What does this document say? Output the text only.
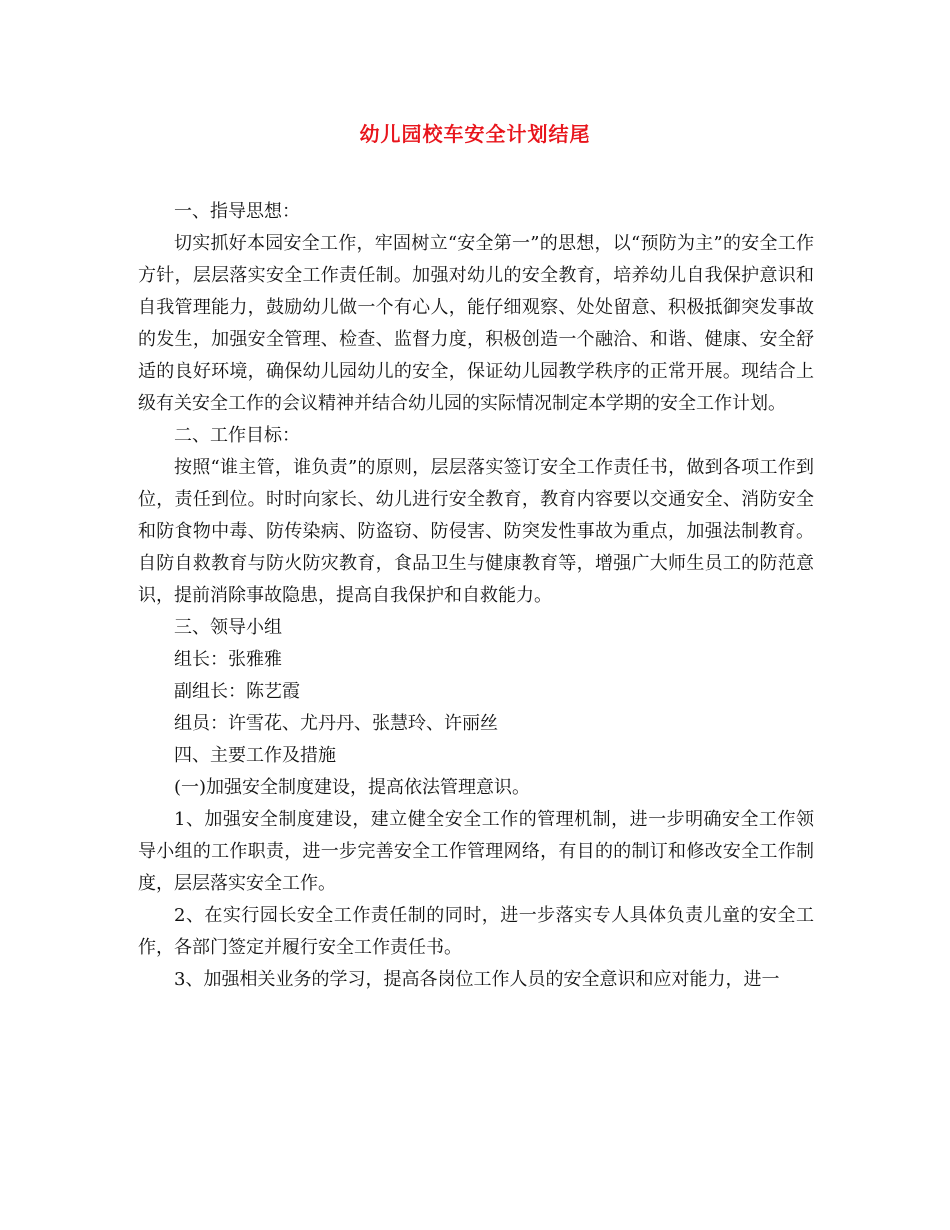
幼儿园校车安全计划结尾

一、指导思想：

切实抓好本园安全工作，牢固树立“安全第一”的思想，以“预防为主”的安全工作方针，层层落实安全工作责任制。加强对幼儿的安全教育，培养幼儿自我保护意识和自我管理能力，鼓励幼儿做一个有心人，能仔细观察、处处留意、积极抵御突发事故的发生，加强安全管理、检查、监督力度，积极创造一个融洽、和谐、健康、安全舒适的良好环境，确保幼儿园幼儿的安全，保证幼儿园教学秩序的正常开展。现结合上级有关安全工作的会议精神并结合幼儿园的实际情况制定本学期的安全工作计划。

二、工作目标：

按照“谁主管，谁负责”的原则，层层落实签订安全工作责任书，做到各项工作到位，责任到位。时时向家长、幼儿进行安全教育，教育内容要以交通安全、消防安全和防食物中毒、防传染病、防盗窃、防侵害、防突发性事故为重点，加强法制教育。自防自救教育与防火防灾教育，食品卫生与健康教育等，增强广大师生员工的防范意识，提前消除事故隐患，提高自我保护和自救能力。

三、领导小组

组长：张雅雅

副组长：陈艺霞

组员：许雪花、尤丹丹、张慧玲、许丽丝

四、主要工作及措施

(一)加强安全制度建设，提高依法管理意识。

1、加强安全制度建设，建立健全安全工作的管理机制，进一步明确安全工作领导小组的工作职责，进一步完善安全工作管理网络，有目的的制订和修改安全工作制度，层层落实安全工作。

2、在实行园长安全工作责任制的同时，进一步落实专人具体负责儿童的安全工作，各部门签定并履行安全工作责任书。

3、加强相关业务的学习，提高各岗位工作人员的安全意识和应对能力，进一
